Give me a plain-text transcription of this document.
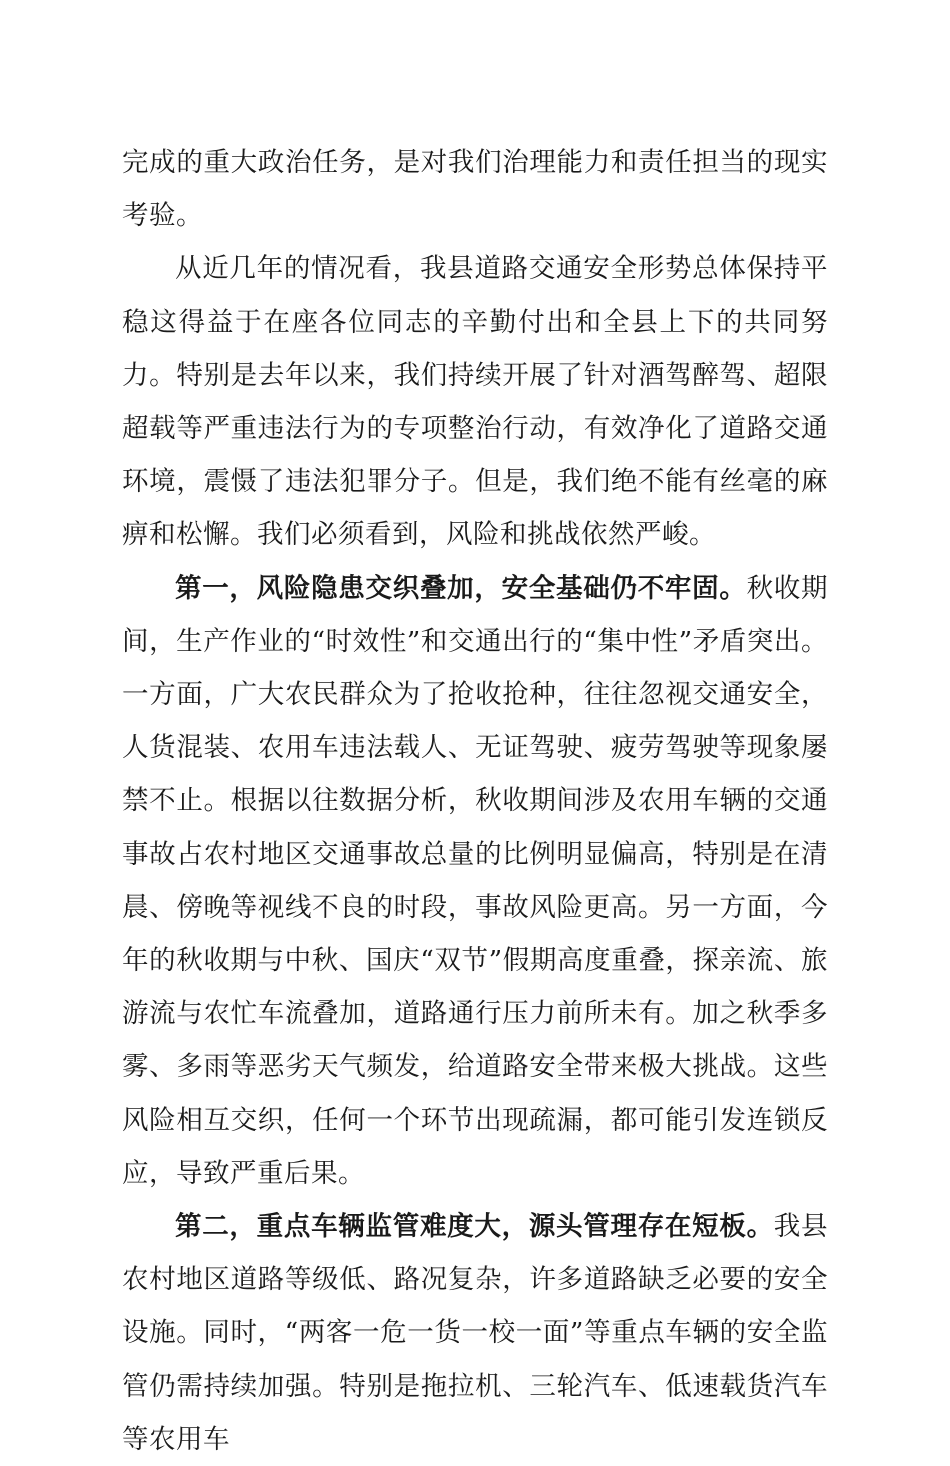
完成的重大政治任务，是对我们治理能力和责任担当的现实考验。

从近几年的情况看，我县道路交通安全形势总体保持平稳这得益于在座各位同志的辛勤付出和全县上下的共同努力。特别是去年以来，我们持续开展了针对酒驾醉驾、超限超载等严重违法行为的专项整治行动，有效净化了道路交通环境，震慑了违法犯罪分子。但是，我们绝不能有丝毫的麻痹和松懈。我们必须看到，风险和挑战依然严峻。

第一，风险隐患交织叠加，安全基础仍不牢固。秋收期间，生产作业的“时效性”和交通出行的“集中性”矛盾突出。一方面，广大农民群众为了抢收抢种，往往忽视交通安全，人货混装、农用车违法载人、无证驾驶、疲劳驾驶等现象屡禁不止。根据以往数据分析，秋收期间涉及农用车辆的交通事故占农村地区交通事故总量的比例明显偏高，特别是在清晨、傍晚等视线不良的时段，事故风险更高。另一方面，今年的秋收期与中秋、国庆“双节”假期高度重叠，探亲流、旅游流与农忙车流叠加，道路通行压力前所未有。加之秋季多雾、多雨等恶劣天气频发，给道路安全带来极大挑战。这些风险相互交织，任何一个环节出现疏漏，都可能引发连锁反应，导致严重后果。

第二，重点车辆监管难度大，源头管理存在短板。我县农村地区道路等级低、路况复杂，许多道路缺乏必要的安全设施。同时，“两客一危一货一校一面”等重点车辆的安全监管仍需持续加强。特别是拖拉机、三轮汽车、低速载货汽车等农用车
